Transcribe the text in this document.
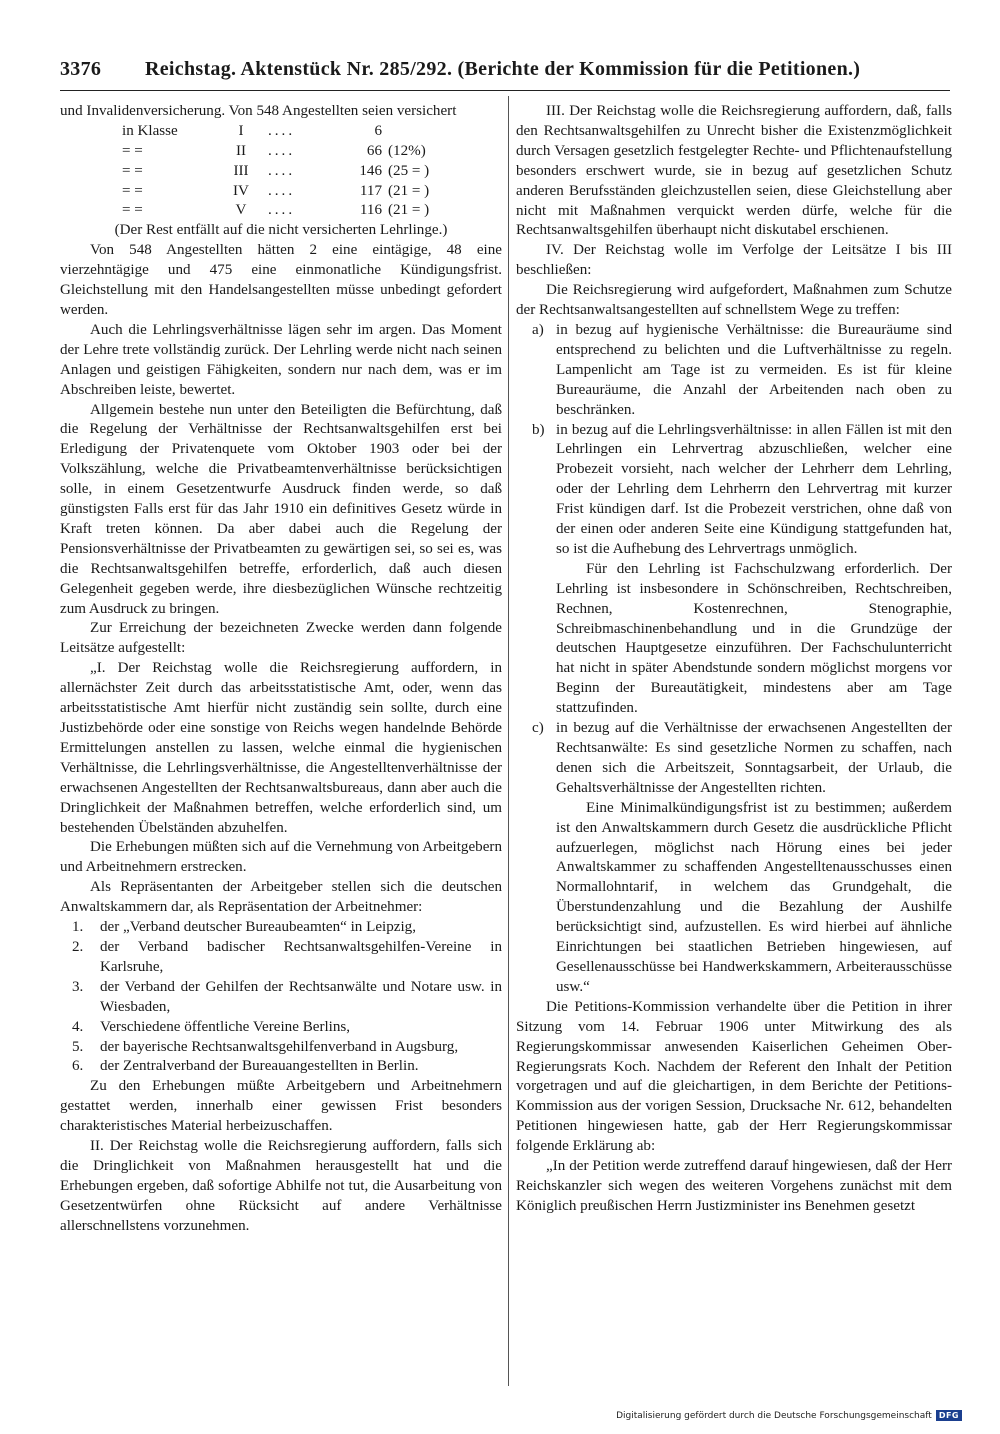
3376 Reichstag. Aktenstück Nr. 285/292. (Berichte der Kommission für die Petitionen.)

und Invalidenversicherung. Von 548 Angestellten seien versichert

in Klasse	I	....	6
= =	II	....	66 (12%)
= =	III	....	146 (25 = )
= =	IV	....	117 (21 = )
= =	V	....	116 (21 = )

(Der Rest entfällt auf die nicht versicherten Lehrlinge.)

Von 548 Angestellten hätten 2 eine eintägige, 48 eine vierzehntägige und 475 eine einmonatliche Kündigungsfrist. Gleichstellung mit den Handelsangestellten müsse unbedingt gefordert werden.

Auch die Lehrlingsverhältnisse lägen sehr im argen. Das Moment der Lehre trete vollständig zurück. Der Lehrling werde nicht nach seinen Anlagen und geistigen Fähigkeiten, sondern nur nach dem, was er im Abschreiben leiste, bewertet.

Allgemein bestehe nun unter den Beteiligten die Befürchtung, daß die Regelung der Verhältnisse der Rechtsanwaltsgehilfen erst bei Erledigung der Privatenquete vom Oktober 1903 oder bei der Volkszählung, welche die Privatbeamtenverhältnisse berücksichtigen solle, in einem Gesetzentwurfe Ausdruck finden werde, so daß günstigsten Falls erst für das Jahr 1910 ein definitives Gesetz würde in Kraft treten können. Da aber dabei auch die Regelung der Pensionsverhältnisse der Privatbeamten zu gewärtigen sei, so sei es, was die Rechtsanwaltsgehilfen betreffe, erforderlich, daß auch diesen Gelegenheit gegeben werde, ihre diesbezüglichen Wünsche rechtzeitig zum Ausdruck zu bringen.

Zur Erreichung der bezeichneten Zwecke werden dann folgende Leitsätze aufgestellt:

„I. Der Reichstag wolle die Reichsregierung auffordern, in allernächster Zeit durch das arbeitsstatistische Amt, oder, wenn das arbeitsstatistische Amt hierfür nicht zuständig sein sollte, durch eine Justizbehörde oder eine sonstige von Reichs wegen handelnde Behörde Ermittelungen anstellen zu lassen, welche einmal die hygienischen Verhältnisse, die Lehrlingsverhältnisse, die Angestelltenverhältnisse der erwachsenen Angestellten der Rechtsanwaltsbureaus, dann aber auch die Dringlichkeit der Maßnahmen betreffen, welche erforderlich sind, um bestehenden Übelständen abzuhelfen.

Die Erhebungen müßten sich auf die Vernehmung von Arbeitgebern und Arbeitnehmern erstrecken.

Als Repräsentanten der Arbeitgeber stellen sich die deutschen Anwaltskammern dar, als Repräsentation der Arbeitnehmer:

1. der „Verband deutscher Bureaubeamten“ in Leipzig,
2. der Verband badischer Rechtsanwaltsgehilfen-Vereine in Karlsruhe,
3. der Verband der Gehilfen der Rechtsanwälte und Notare usw. in Wiesbaden,
4. Verschiedene öffentliche Vereine Berlins,
5. der bayerische Rechtsanwaltsgehilfenverband in Augsburg,
6. der Zentralverband der Bureauangestellten in Berlin.

Zu den Erhebungen müßte Arbeitgebern und Arbeitnehmern gestattet werden, innerhalb einer gewissen Frist besonders charakteristisches Material herbeizuschaffen.

II. Der Reichstag wolle die Reichsregierung auffordern, falls sich die Dringlichkeit von Maßnahmen herausgestellt hat und die Erhebungen ergeben, daß sofortige Abhilfe not tut, die Ausarbeitung von Gesetzentwürfen ohne Rücksicht auf andere Verhältnisse allerschnellstens vorzunehmen.

III. Der Reichstag wolle die Reichsregierung auffordern, daß, falls den Rechtsanwaltsgehilfen zu Unrecht bisher die Existenzmöglichkeit durch Versagen gesetzlich festgelegter Rechte- und Pflichtenaufstellung besonders erschwert wurde, sie in bezug auf gesetzlichen Schutz anderen Berufsständen gleichzustellen seien, diese Gleichstellung aber nicht mit Maßnahmen verquickt werden dürfe, welche für die Rechtsanwaltsgehilfen überhaupt nicht diskutabel erschienen.

IV. Der Reichstag wolle im Verfolge der Leitsätze I bis III beschließen:

Die Reichsregierung wird aufgefordert, Maßnahmen zum Schutze der Rechtsanwaltsangestellten auf schnellstem Wege zu treffen:

a) in bezug auf hygienische Verhältnisse: die Bureauräume sind entsprechend zu belichten und die Luftverhältnisse zu regeln. Lampenlicht am Tage ist zu vermeiden. Es ist für kleine Bureauräume, die Anzahl der Arbeitenden nach oben zu beschränken.

b) in bezug auf die Lehrlingsverhältnisse: in allen Fällen ist mit den Lehrlingen ein Lehrvertrag abzuschließen, welcher eine Probezeit vorsieht, nach welcher der Lehrherr dem Lehrling, oder der Lehrling dem Lehrherrn den Lehrvertrag mit kurzer Frist kündigen darf. Ist die Probezeit verstrichen, ohne daß von der einen oder anderen Seite eine Kündigung stattgefunden hat, so ist die Aufhebung des Lehrvertrags unmöglich.

Für den Lehrling ist Fachschulzwang erforderlich. Der Lehrling ist insbesondere in Schönschreiben, Rechtschreiben, Rechnen, Kostenrechnen, Stenographie, Schreibmaschinenbehandlung und in die Grundzüge der deutschen Hauptgesetze einzuführen. Der Fachschulunterricht hat nicht in später Abendstunde sondern möglichst morgens vor Beginn der Bureautätigkeit, mindestens aber am Tage stattzufinden.

c) in bezug auf die Verhältnisse der erwachsenen Angestellten der Rechtsanwälte: Es sind gesetzliche Normen zu schaffen, nach denen sich die Arbeitszeit, Sonntagsarbeit, der Urlaub, die Gehaltsverhältnisse der Angestellten richten.

Eine Minimalkündigungsfrist ist zu bestimmen; außerdem ist den Anwaltskammern durch Gesetz die ausdrückliche Pflicht aufzuerlegen, möglichst nach Hörung eines bei jeder Anwaltskammer zu schaffenden Angestelltenausschusses einen Normallohntarif, in welchem das Grundgehalt, die Überstundenzahlung und die Bezahlung der Aushilfe berücksichtigt sind, aufzustellen. Es wird hierbei auf ähnliche Einrichtungen bei staatlichen Betrieben hingewiesen, auf Gesellenausschüsse bei Handwerkskammern, Arbeiterausschüsse usw.“

Die Petitions-Kommission verhandelte über die Petition in ihrer Sitzung vom 14. Februar 1906 unter Mitwirkung des als Regierungskommissar anwesenden Kaiserlichen Geheimen Ober-Regierungsrats Koch. Nachdem der Referent den Inhalt der Petition vorgetragen und auf die gleichartigen, in dem Berichte der Petitions-Kommission aus der vorigen Session, Drucksache Nr. 612, behandelten Petitionen hingewiesen hatte, gab der Herr Regierungskommissar folgende Erklärung ab:

„In der Petition werde zutreffend darauf hingewiesen, daß der Herr Reichskanzler sich wegen des weiteren Vorgehens zunächst mit dem Königlich preußischen Herrn Justizminister ins Benehmen gesetzt

Digitalisierung gefördert durch die Deutsche Forschungsgemeinschaft DFG
